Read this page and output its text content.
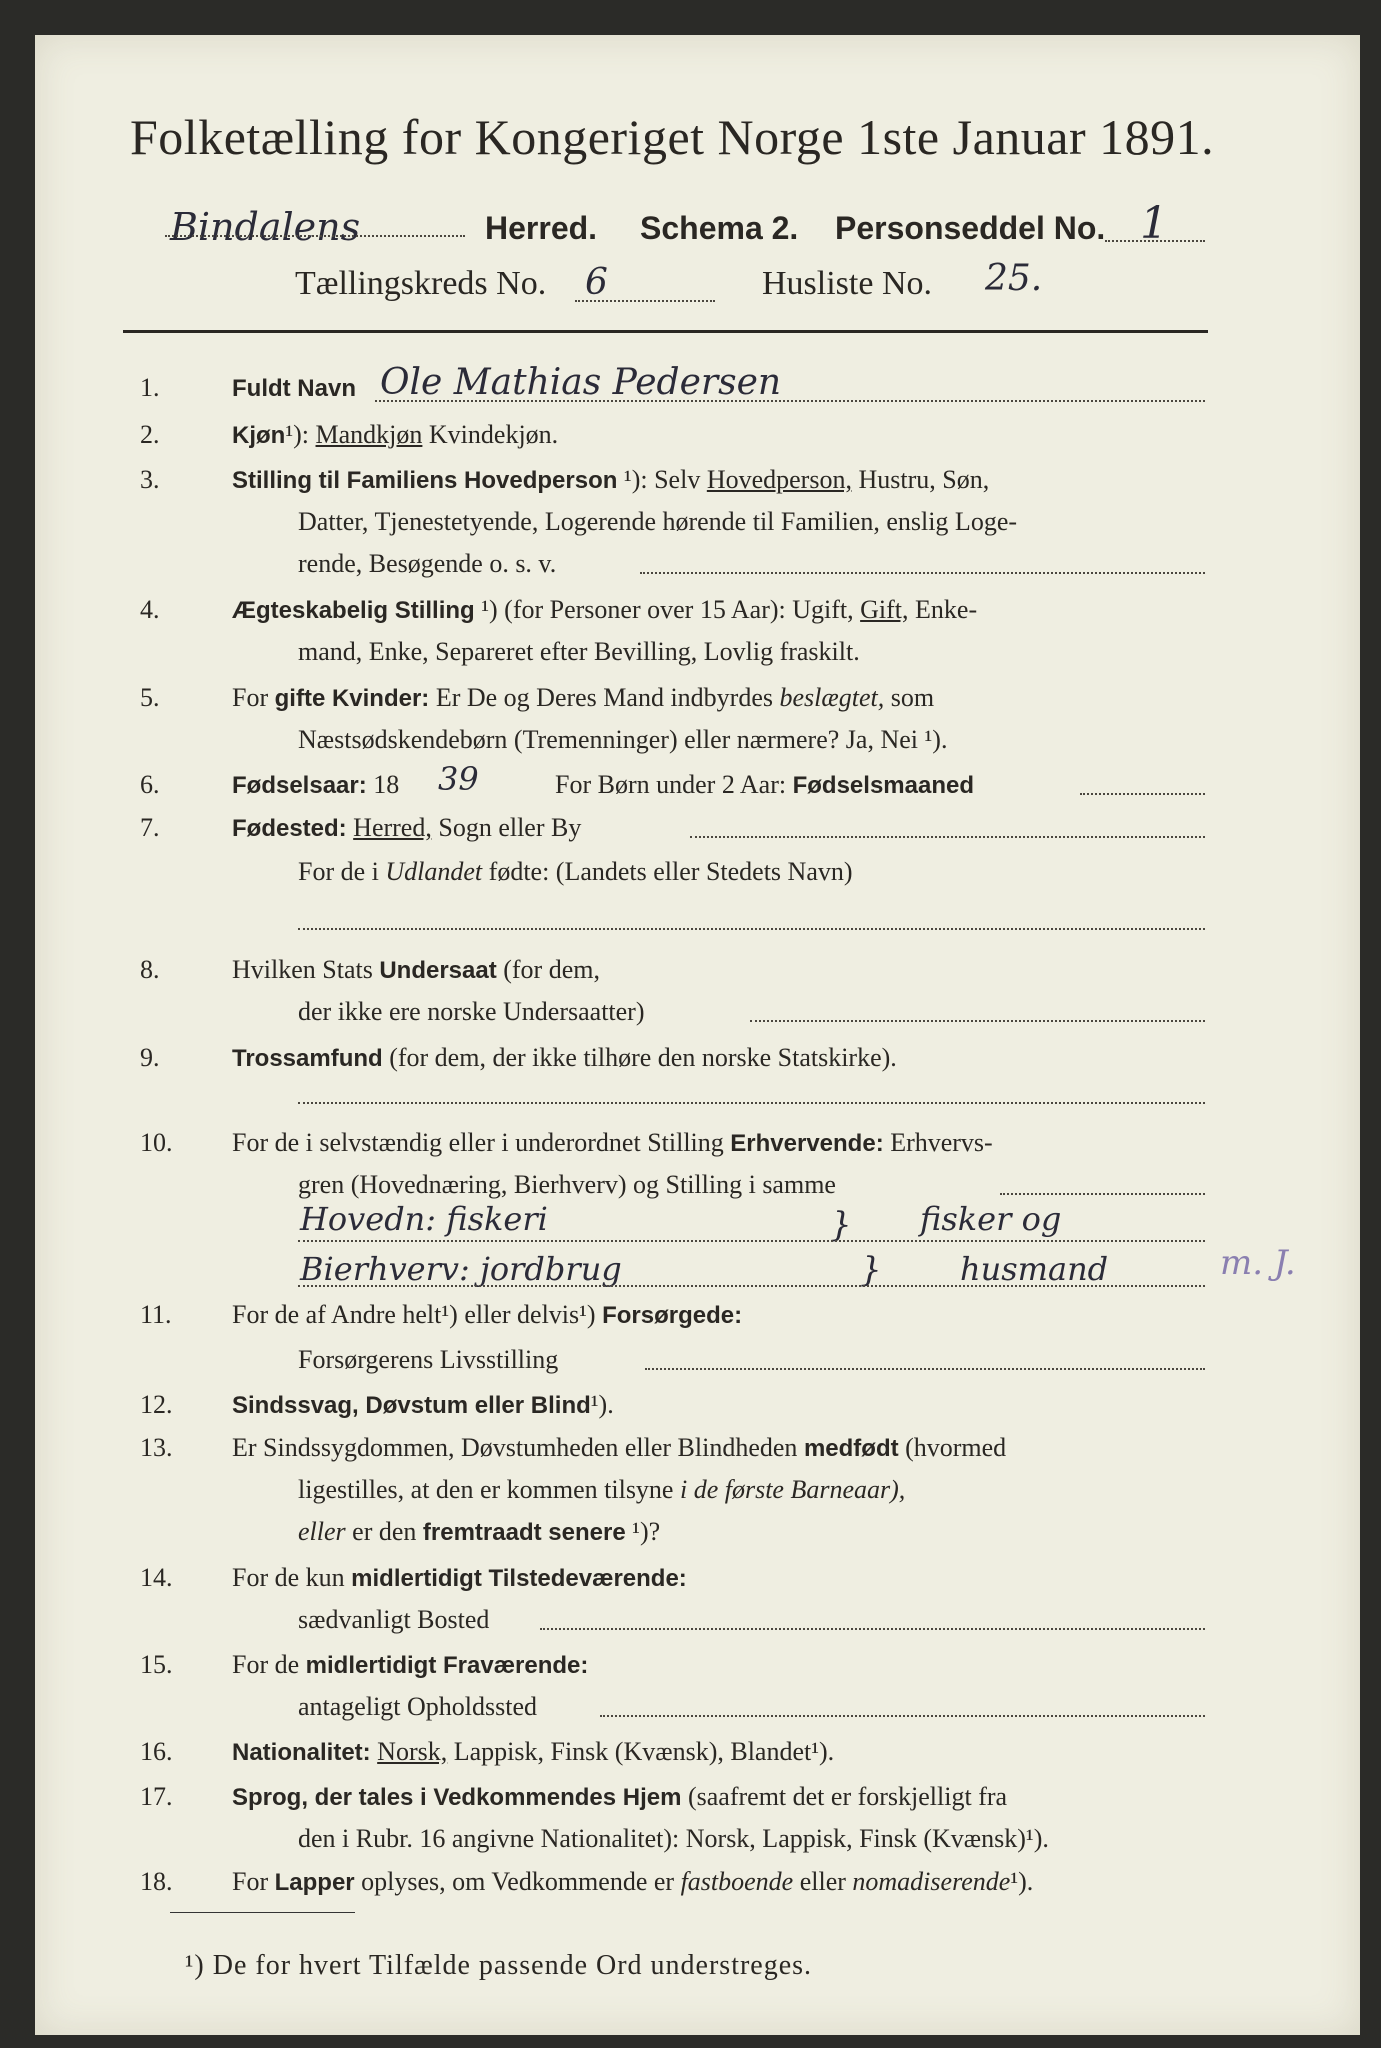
Folketælling for Kongeriget Norge 1ste Januar 1891.
Bindalens	Herred. Schema 2. Personseddel No. 1
Tællingskreds No. 6	Husliste No. 25.
1.	Fuldt Navn Ole Mathias Pedersen
2.	Kjøn¹): Mandkjøn Kvindekjøn.
3.	Stilling til Familiens Hovedperson ¹): Selv Hovedperson, Hustru, Søn,
Datter, Tjenestetyende, Logerende hørende til Familien, enslig Loge-
rende, Besøgende o. s. v.
4.	Ægteskabelig Stilling ¹) (for Personer over 15 Aar): Ugift, Gift, Enke-
mand, Enke, Separeret efter Bevilling, Lovlig fraskilt.
5.	For gifte Kvinder: Er De og Deres Mand indbyrdes beslægtet, som
Næstsødskendebørn (Tremenninger) eller nærmere? Ja, Nei ¹).
6.	Fødselsaar: 18 39	For Børn under 2 Aar: Fødselsmaaned
7.	Fødested: Herred, Sogn eller By
For de i Udlandet fødte: (Landets eller Stedets Navn)
8.	Hvilken Stats Undersaat (for dem,
der ikke ere norske Undersaatter)
9.	Trossamfund (for dem, der ikke tilhøre den norske Statskirke).
10.	For de i selvstændig eller i underordnet Stilling Erhvervende: Erhvervs-
gren (Hovednæring, Bierhverv) og Stilling i samme
Hovedn: fiskeri	} fisker og
Bierhverv: jordbrug	} husmand	m. J.
11.	For de af Andre helt¹) eller delvis¹) Forsørgede:
Forsørgerens Livsstilling
12.	Sindssvag, Døvstum eller Blind¹).
13.	Er Sindssygdommen, Døvstumheden eller Blindheden medfødt (hvormed
ligestilles, at den er kommen tilsyne i de første Barneaar),
eller er den fremtraadt senere ¹)?
14.	For de kun midlertidigt Tilstedeværende:
sædvanligt Bosted
15.	For de midlertidigt Fraværende:
antageligt Opholdssted
16.	Nationalitet: Norsk, Lappisk, Finsk (Kvænsk), Blandet¹).
17.	Sprog, der tales i Vedkommendes Hjem (saafremt det er forskjelligt fra
den i Rubr. 16 angivne Nationalitet): Norsk, Lappisk, Finsk (Kvænsk)¹).
18.	For Lapper oplyses, om Vedkommende er fastboende eller nomadiserende¹).
¹) De for hvert Tilfælde passende Ord understreges.
